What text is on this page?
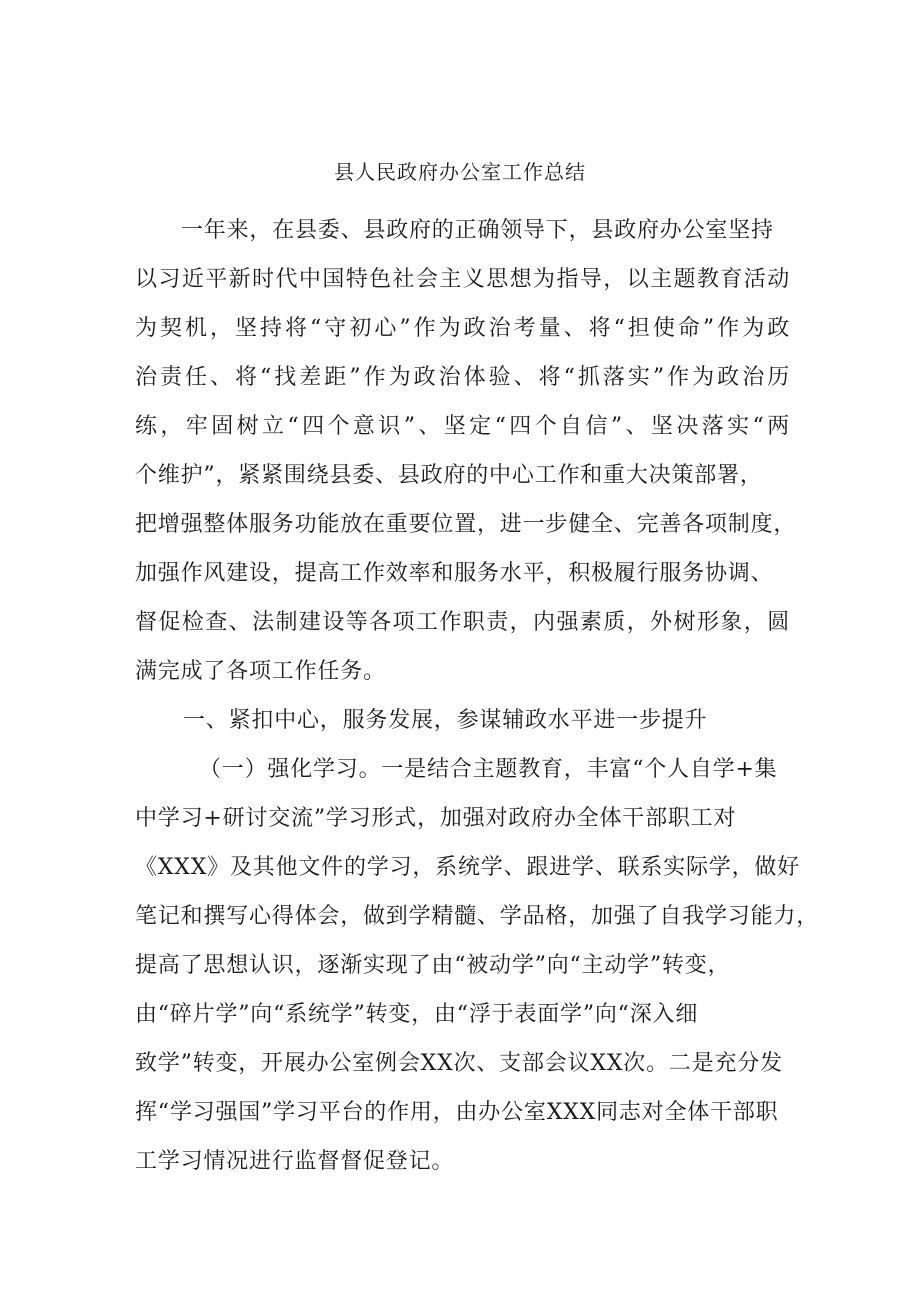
县人民政府办公室工作总结
一年来，在县委、县政府的正确领导下，县政府办公室坚持
以习近平新时代中国特色社会主义思想为指导，以主题教育活动
为契机，坚持将“守初心”作为政治考量、将“担使命”作为政
治责任、将“找差距”作为政治体验、将“抓落实”作为政治历
练，牢固树立“四个意识”、坚定“四个自信”、坚决落实“两
个维护”，紧紧围绕县委、县政府的中心工作和重大决策部署，
把增强整体服务功能放在重要位置，进一步健全、完善各项制度，
加强作风建设，提高工作效率和服务水平，积极履行服务协调、
督促检查、法制建设等各项工作职责，内强素质，外树形象，圆
满完成了各项工作任务。
一、紧扣中心，服务发展，参谋辅政水平进一步提升
（一）强化学习。一是结合主题教育，丰富“个人自学+集
中学习+研讨交流”学习形式，加强对政府办全体干部职工对
《XXX》及其他文件的学习，系统学、跟进学、联系实际学，做好
笔记和撰写心得体会，做到学精髓、学品格，加强了自我学习能力，
提高了思想认识，逐渐实现了由“被动学”向“主动学”转变，
由“碎片学”向“系统学”转变，由“浮于表面学”向“深入细
致学”转变，开展办公室例会XX次、支部会议XX次。二是充分发
挥“学习强国”学习平台的作用，由办公室XXX同志对全体干部职
工学习情况进行监督督促登记。
